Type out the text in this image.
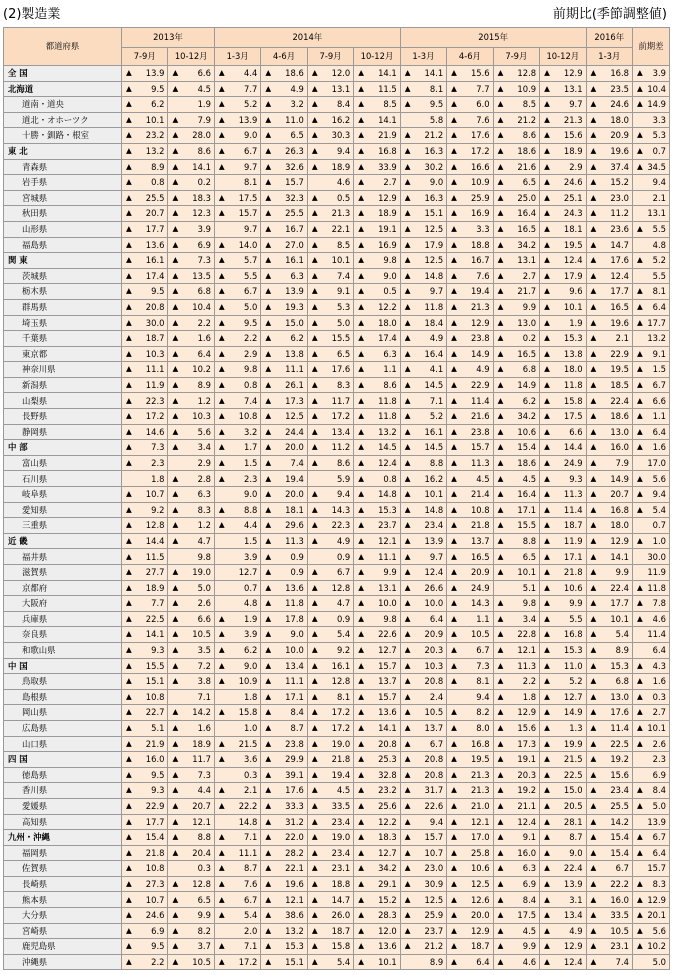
(2)製造業	前期比(季節調整値)
都道府県	2013年		2014年				2015年				2016年	前期差
	7-9月	10-12月	1-3月	4-6月	7-9月	10-12月	1-3月	4-6月	7-9月	10-12月	1-3月	
全 国	▲ 13.9	▲ 6.6	▲ 4.4	▲ 18.6	▲ 12.0	▲ 14.1	▲ 14.1	▲ 15.6	▲ 12.8	▲ 12.9	▲ 16.8	▲ 3.9
北海道	▲ 9.5	▲ 4.5	▲ 7.7	▲ 4.9	▲ 13.1	▲ 11.5	▲ 8.1	▲ 7.7	▲ 10.9	▲ 13.1	▲ 23.5	▲ 10.4
道南・道央	▲ 6.2	1.9	▲ 5.2	▲ 3.2	▲ 8.4	▲ 8.5	▲ 9.5	▲ 6.0	▲ 8.5	▲ 9.7	▲ 24.6	▲ 14.9
道北・オホーツク	▲ 10.1	▲ 7.9	▲ 13.9	▲ 11.0	▲ 16.2	▲ 14.1	5.8	▲ 7.6	▲ 21.2	▲ 21.3	▲ 18.0	3.3
十勝・釧路・根室	▲ 23.2	▲ 28.0	▲ 9.0	▲ 6.5	▲ 30.3	▲ 21.9	▲ 21.2	▲ 17.6	▲ 8.6	▲ 15.6	▲ 20.9	▲ 5.3
東 北	▲ 13.2	▲ 8.6	▲ 6.7	▲ 26.3	▲ 9.4	▲ 16.8	▲ 16.3	▲ 17.2	▲ 18.6	▲ 18.9	▲ 19.6	▲ 0.7
青森県	▲ 8.9	▲ 14.1	▲ 9.7	▲ 32.6	▲ 18.9	▲ 33.9	▲ 30.2	▲ 16.6	▲ 21.6	▲ 2.9	▲ 37.4	▲ 34.5
岩手県	▲ 0.8	▲ 0.2	8.1	▲ 15.7	4.6	▲ 2.7	▲ 9.0	▲ 10.9	▲ 6.5	▲ 24.6	▲ 15.2	9.4
宮城県	▲ 25.5	▲ 18.3	▲ 17.5	▲ 32.3	▲ 0.5	▲ 12.9	▲ 16.3	▲ 25.9	▲ 25.0	▲ 25.1	▲ 23.0	2.1
秋田県	▲ 20.7	▲ 12.3	▲ 15.7	▲ 25.5	▲ 21.3	▲ 18.9	▲ 15.1	▲ 16.9	▲ 16.4	▲ 24.3	▲ 11.2	13.1
山形県	▲ 17.7	▲ 3.9	9.7	▲ 16.7	▲ 22.1	▲ 19.1	▲ 12.5	▲ 3.3	▲ 16.5	▲ 18.1	▲ 23.6	▲ 5.5
福島県	▲ 13.6	▲ 6.9	▲ 14.0	▲ 27.0	▲ 8.5	▲ 16.9	▲ 17.9	▲ 18.8	▲ 34.2	▲ 19.5	▲ 14.7	4.8
関 東	▲ 16.1	▲ 7.3	▲ 5.7	▲ 16.1	▲ 10.1	▲ 9.8	▲ 12.5	▲ 16.7	▲ 13.1	▲ 12.4	▲ 17.6	▲ 5.2
茨城県	▲ 17.4	▲ 13.5	▲ 5.5	▲ 6.3	▲ 7.4	▲ 9.0	▲ 14.8	▲ 7.6	▲ 2.7	▲ 17.9	▲ 12.4	5.5
栃木県	▲ 9.5	▲ 6.8	▲ 6.7	▲ 13.9	▲ 9.1	▲ 0.5	▲ 9.7	▲ 19.4	▲ 21.7	▲ 9.6	▲ 17.7	▲ 8.1
群馬県	▲ 20.8	▲ 10.4	▲ 5.0	▲ 19.3	▲ 5.3	▲ 12.2	▲ 11.8	▲ 21.3	▲ 9.9	▲ 10.1	▲ 16.5	▲ 6.4
埼玉県	▲ 30.0	▲ 2.2	▲ 9.5	▲ 15.0	▲ 5.0	▲ 18.0	▲ 18.4	▲ 12.9	▲ 13.0	▲ 1.9	▲ 19.6	▲ 17.7
千葉県	▲ 18.7	▲ 1.6	▲ 2.2	▲ 6.2	▲ 15.5	▲ 17.4	▲ 4.9	▲ 23.8	▲ 0.2	▲ 15.3	▲ 2.1	13.2
東京都	▲ 10.3	▲ 6.4	▲ 2.9	▲ 13.8	▲ 6.5	▲ 6.3	▲ 16.4	▲ 14.9	▲ 16.5	▲ 13.8	▲ 22.9	▲ 9.1
神奈川県	▲ 11.1	▲ 10.2	▲ 9.8	▲ 11.1	▲ 17.6	▲ 1.1	▲ 4.1	▲ 4.9	▲ 6.8	▲ 18.0	▲ 19.5	▲ 1.5
新潟県	▲ 11.9	▲ 8.9	▲ 0.8	▲ 26.1	▲ 8.3	▲ 8.6	▲ 14.5	▲ 22.9	▲ 14.9	▲ 11.8	▲ 18.5	▲ 6.7
山梨県	▲ 22.3	▲ 1.2	▲ 7.4	▲ 17.3	▲ 11.7	▲ 11.8	▲ 7.1	▲ 11.4	▲ 6.2	▲ 15.8	▲ 22.4	▲ 6.6
長野県	▲ 17.2	▲ 10.3	▲ 10.8	▲ 12.5	▲ 17.2	▲ 11.8	▲ 5.2	▲ 21.6	▲ 34.2	▲ 17.5	▲ 18.6	▲ 1.1
静岡県	▲ 14.6	▲ 5.6	▲ 3.2	▲ 24.4	▲ 13.4	▲ 13.2	▲ 16.1	▲ 23.8	▲ 10.6	▲ 6.6	▲ 13.0	▲ 6.4
中 部	▲ 7.3	▲ 3.4	▲ 1.7	▲ 20.0	▲ 11.2	▲ 14.5	▲ 14.5	▲ 15.7	▲ 15.4	▲ 14.4	▲ 16.0	▲ 1.6
富山県	▲ 2.3	2.9	▲ 1.5	▲ 7.4	▲ 8.6	▲ 12.4	▲ 8.8	▲ 11.3	▲ 18.6	▲ 24.9	▲ 7.9	17.0
石川県	1.8	▲ 2.8	▲ 2.3	▲ 19.4	5.9	▲ 0.8	▲ 16.2	▲ 4.5	▲ 4.5	▲ 9.3	▲ 14.9	▲ 5.6
岐阜県	▲ 10.7	▲ 6.3	9.0	▲ 20.0	▲ 9.4	▲ 14.8	▲ 10.1	▲ 21.4	▲ 16.4	▲ 11.3	▲ 20.7	▲ 9.4
愛知県	▲ 9.2	▲ 8.3	▲ 8.8	▲ 18.1	▲ 14.3	▲ 15.3	▲ 14.8	▲ 10.8	▲ 17.1	▲ 11.4	▲ 16.8	▲ 5.4
三重県	▲ 12.8	▲ 1.2	▲ 4.4	▲ 29.6	▲ 22.3	▲ 23.7	▲ 23.4	▲ 21.8	▲ 15.5	▲ 18.7	▲ 18.0	0.7
近 畿	▲ 14.4	▲ 4.7	1.5	▲ 11.3	▲ 4.9	▲ 12.1	▲ 13.9	▲ 13.7	▲ 8.8	▲ 11.9	▲ 12.9	▲ 1.0
福井県	▲ 11.5	9.8	3.9	▲ 0.9	0.9	▲ 11.1	▲ 9.7	▲ 16.5	▲ 6.5	▲ 17.1	▲ 14.1	30.0
滋賀県	▲ 27.7	▲ 19.0	12.7	▲ 0.9	▲ 6.7	▲ 9.9	▲ 12.4	▲ 20.9	▲ 10.1	▲ 21.8	▲ 9.9	11.9
京都府	▲ 18.9	▲ 5.0	0.7	▲ 13.6	▲ 12.8	▲ 13.1	▲ 26.6	▲ 24.9	5.1	▲ 10.6	▲ 22.4	▲ 11.8
大阪府	▲ 7.7	▲ 2.6	4.8	▲ 11.8	▲ 4.7	▲ 10.0	▲ 10.0	▲ 14.3	▲ 9.8	▲ 9.9	▲ 17.7	▲ 7.8
兵庫県	▲ 22.5	▲ 6.6	▲ 1.9	▲ 17.8	▲ 0.9	▲ 9.8	▲ 6.4	▲ 1.1	▲ 3.4	▲ 5.5	▲ 10.1	▲ 4.6
奈良県	▲ 14.1	▲ 10.5	▲ 3.9	▲ 9.0	▲ 5.4	▲ 22.6	▲ 20.9	▲ 10.5	▲ 22.8	▲ 16.8	▲ 5.4	11.4
和歌山県	▲ 9.3	▲ 3.5	▲ 6.2	▲ 10.0	▲ 9.2	▲ 12.7	▲ 20.3	▲ 6.7	▲ 12.1	▲ 15.3	▲ 8.9	6.4
中 国	▲ 15.5	▲ 7.2	▲ 9.0	▲ 13.4	▲ 16.1	▲ 15.7	▲ 10.3	▲ 7.3	▲ 11.3	▲ 11.0	▲ 15.3	▲ 4.3
鳥取県	▲ 15.1	▲ 3.8	▲ 10.9	▲ 11.1	▲ 12.8	▲ 13.7	▲ 20.8	▲ 8.1	▲ 2.2	▲ 5.2	▲ 6.8	▲ 1.6
島根県	▲ 10.8	7.1	1.8	▲ 17.1	▲ 8.1	▲ 15.7	▲ 2.4	9.4	▲ 1.8	▲ 12.7	▲ 13.0	▲ 0.3
岡山県	▲ 22.7	▲ 14.2	▲ 15.8	▲ 8.4	▲ 17.2	▲ 13.6	▲ 10.5	▲ 8.2	▲ 12.9	▲ 14.9	▲ 17.6	▲ 2.7
広島県	▲ 5.1	▲ 1.6	1.0	▲ 8.7	▲ 17.2	▲ 14.1	▲ 13.7	▲ 8.0	▲ 15.6	▲ 1.3	▲ 11.4	▲ 10.1
山口県	▲ 21.9	▲ 18.9	▲ 21.5	▲ 23.8	▲ 19.0	▲ 20.8	▲ 6.7	▲ 16.8	▲ 17.3	▲ 19.9	▲ 22.5	▲ 2.6
四 国	▲ 16.0	▲ 11.7	▲ 3.6	▲ 29.9	▲ 21.8	▲ 25.3	▲ 20.8	▲ 19.5	▲ 19.1	▲ 21.5	▲ 19.2	2.3
徳島県	▲ 9.5	▲ 7.3	0.3	▲ 39.1	▲ 19.4	▲ 32.8	▲ 20.8	▲ 21.3	▲ 20.3	▲ 22.5	▲ 15.6	6.9
香川県	▲ 9.3	▲ 4.4	▲ 2.1	▲ 17.6	▲ 4.5	▲ 23.2	▲ 31.7	▲ 21.3	▲ 19.2	▲ 15.0	▲ 23.4	▲ 8.4
愛媛県	▲ 22.9	▲ 20.7	▲ 22.2	▲ 33.3	▲ 33.5	▲ 25.6	▲ 22.6	▲ 21.0	▲ 21.1	▲ 20.5	▲ 25.5	▲ 5.0
高知県	▲ 17.7	▲ 12.1	14.8	▲ 31.2	▲ 23.4	▲ 12.2	▲ 9.4	▲ 12.1	▲ 12.4	▲ 28.1	▲ 14.2	13.9
九州・沖縄	▲ 15.4	▲ 8.8	▲ 7.1	▲ 22.0	▲ 19.0	▲ 18.3	▲ 15.7	▲ 17.0	▲ 9.1	▲ 8.7	▲ 15.4	▲ 6.7
福岡県	▲ 21.8	▲ 20.4	▲ 11.1	▲ 28.2	▲ 23.4	▲ 12.7	▲ 10.7	▲ 25.8	▲ 16.0	▲ 9.0	▲ 15.4	▲ 6.4
佐賀県	▲ 10.8	0.3	▲ 8.7	▲ 22.1	▲ 23.1	▲ 34.2	▲ 23.0	▲ 10.6	▲ 6.3	▲ 22.4	▲ 6.7	15.7
長崎県	▲ 27.3	▲ 12.8	▲ 7.6	▲ 19.6	▲ 18.8	▲ 29.1	▲ 30.9	▲ 12.5	▲ 6.9	▲ 13.9	▲ 22.2	▲ 8.3
熊本県	▲ 10.7	▲ 6.5	▲ 6.7	▲ 12.1	▲ 14.7	▲ 15.2	▲ 12.5	▲ 12.6	▲ 8.4	▲ 3.1	▲ 16.0	▲ 12.9
大分県	▲ 24.6	▲ 9.9	▲ 5.4	▲ 38.6	▲ 26.0	▲ 28.3	▲ 25.9	▲ 20.0	▲ 17.5	▲ 13.4	▲ 33.5	▲ 20.1
宮崎県	▲ 6.9	▲ 8.2	2.0	▲ 13.2	▲ 18.7	▲ 12.0	▲ 23.7	▲ 12.9	▲ 4.5	▲ 4.9	▲ 10.5	▲ 5.6
鹿児島県	▲ 9.5	▲ 3.7	▲ 7.1	▲ 15.3	▲ 15.8	▲ 13.6	▲ 21.2	▲ 18.7	▲ 9.9	▲ 12.9	▲ 23.1	▲ 10.2
沖縄県	▲ 2.2	▲ 10.5	▲ 17.2	▲ 15.1	▲ 5.4	▲ 10.1	8.9	▲ 6.4	▲ 4.6	▲ 12.4	▲ 7.4	5.0
